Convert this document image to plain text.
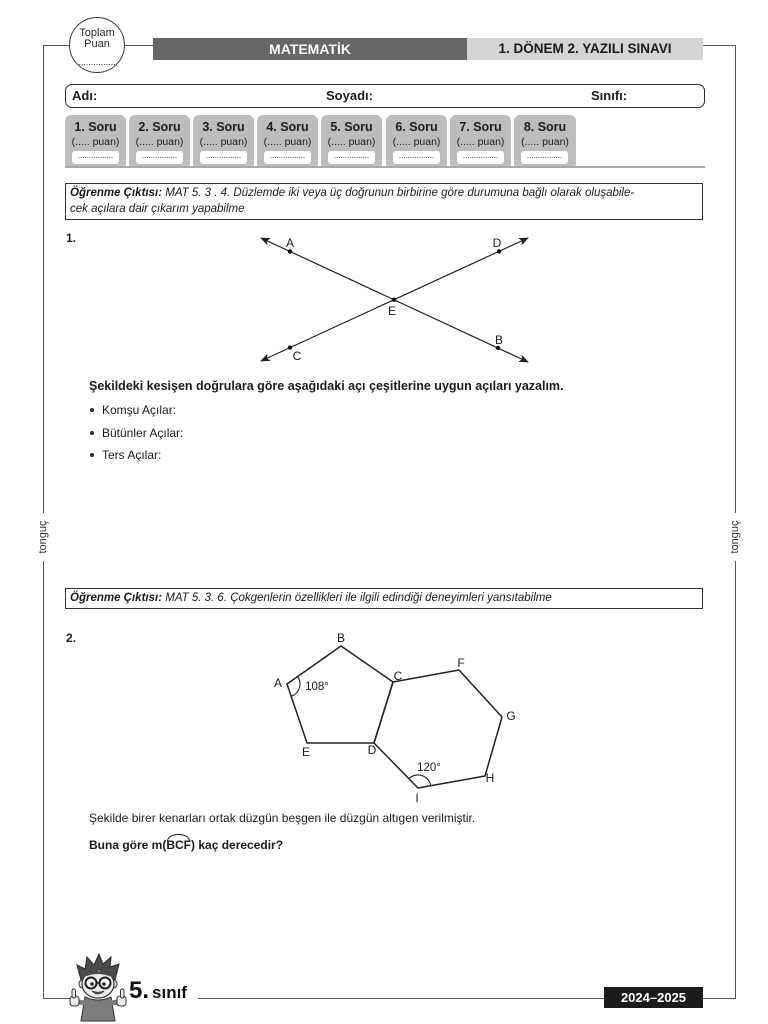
tonguç	tonguç
Toplam
Puan
...............
MATEMATİK	1. DÖNEM 2. YAZILI SINAVI
Adı:	Soyadı:	Sınıfı:
1. Soru
(..... puan)
................
2. Soru
(..... puan)
................
3. Soru
(..... puan)
................
4. Soru
(..... puan)
................
5. Soru
(..... puan)
................
6. Soru
(..... puan)
................
7. Soru
(..... puan)
................
8. Soru
(..... puan)
................
Öğrenme Çıktısı: MAT 5. 3 . 4. Düzlemde iki veya üç doğrunun birbirine göre durumuna bağlı olarak oluşabile-
cek açılara dair çıkarım yapabilme
1.	A	D
E
B
C
Şekildeki kesişen doğrulara göre aşağıdaki açı çeşitlerine uygun açıları yazalım.
Komşu Açılar:
Bütünler Açılar:
Ters Açılar:
Öğrenme Çıktısı: MAT 5. 3. 6. Çokgenlerin özellikleri ile ilgili edindiği deneyimleri yansıtabilme
2.
A
B
C
D
E
F
G
H
I
108°
120°
Şekilde birer kenarları ortak düzgün beşgen ile düzgün altıgen verilmiştir.
Buna göre m(
BCF) kaç derecedir?
5. sınıf	2024–2025
